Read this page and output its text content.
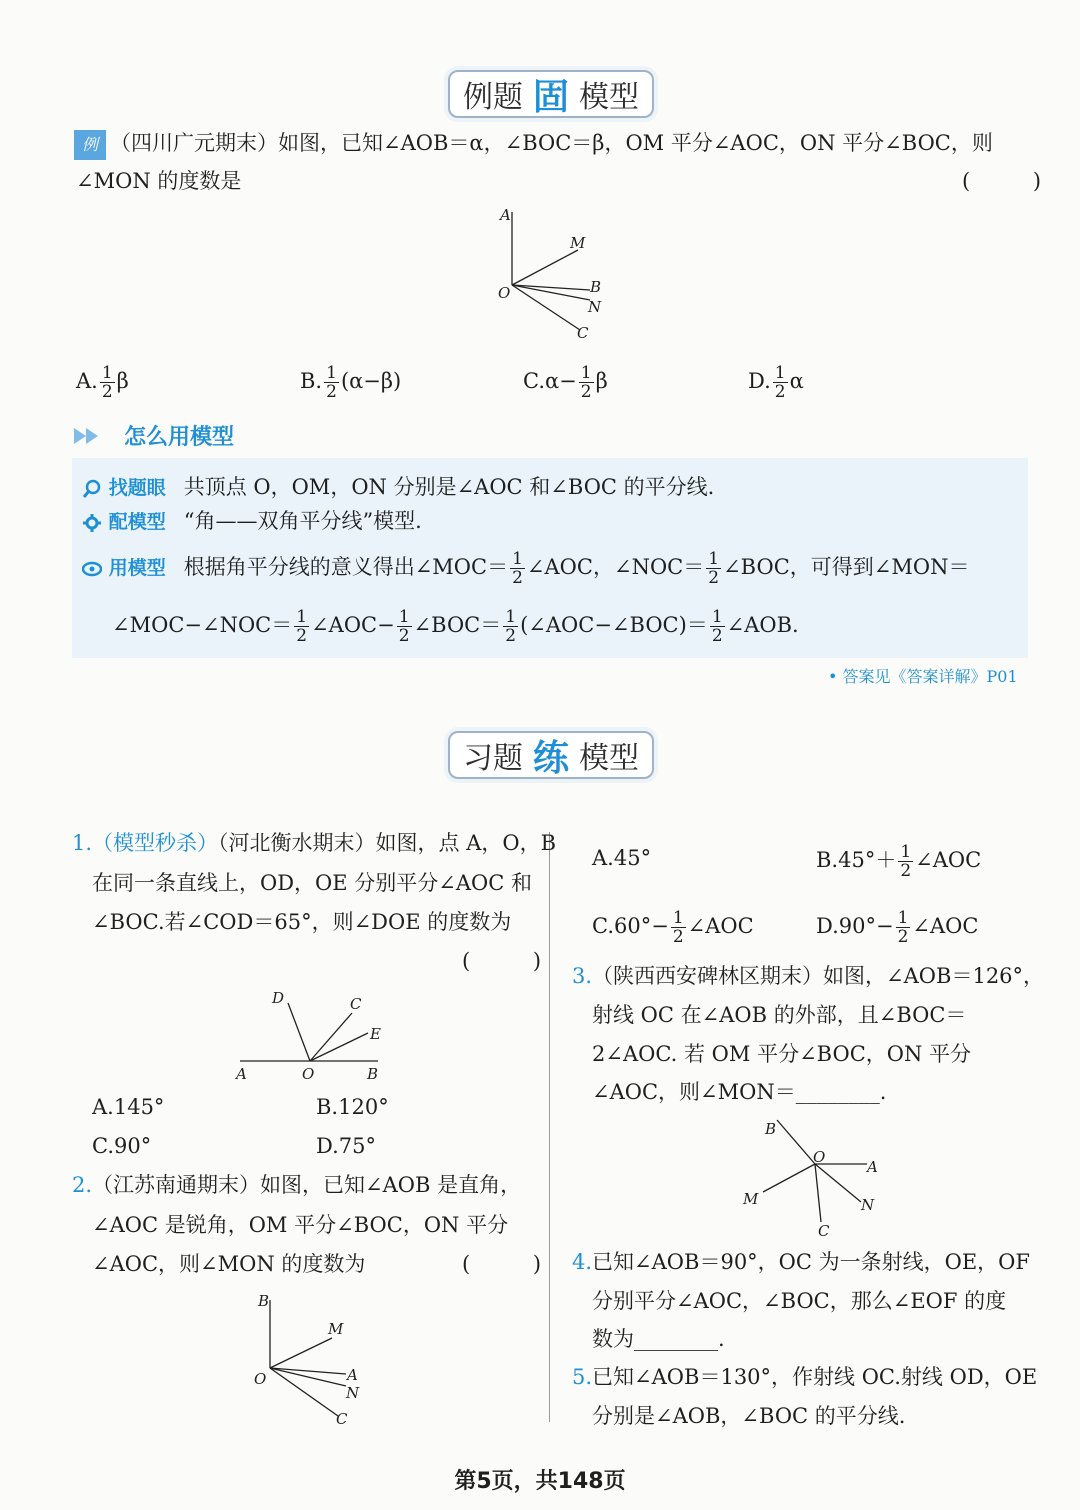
例题 固 模型
例 （四川广元期末）如图，已知∠AOB＝α，∠BOC＝β，OM 平分∠AOC，ON 平分∠BOC，则
∠MON 的度数是	( )
A
M
O	B
N
C
A. $\frac{1}{2}$ β	B. $\frac{1}{2} (\alpha-\beta)$	$C.\alpha- \frac{1}{2}$ β	D. $\frac{1}{2}$ α
怎么用模型
找题眼 共顶点 O，OM，ON 分别是∠AOC 和∠BOC 的平分线.
配模型 “角——双角平分线”模型.
用模型 根据角平分线的意义得出∠MOC＝ $\frac{1}{2}$ ∠AOC，∠NOC＝ $\frac{1}{2}$ ∠BOC，可得到∠MON＝
∠MOC−∠NOC＝ $\frac{1}{2}$ ∠AOC− $\frac{1}{2}$ ∠BOC＝ $\frac{1}{2}$ (∠AOC−∠BOC)＝ $\frac{1}{2}$ ∠AOB.
• 答案见《答案详解》P01
习题 练 模型
1.（模型秒杀）（河北衡水期末）如图，点 A，O，B
在同一条直线上，OD，OE 分别平分∠AOC 和
∠BOC.若∠COD＝65°，则∠DOE 的度数为
( )
D	C
E
A	O	B
A.145°	B.120°
C.90°	D.75°
2.（江苏南通期末）如图，已知∠AOB 是直角，
∠AOC 是锐角，OM 平分∠BOC，ON 平分
∠AOC，则∠MON 的度数为	( )
B
M
O	A
N
C
A.45°	$B.45^\circ+ \frac{1}{2}$ ∠AOC
$C.60^\circ- \frac{1}{2}$ ∠AOC	$D.90^\circ- \frac{1}{2}$ ∠AOC
3.（陕西西安碑林区期末）如图，∠AOB＝126°，
射线 OC 在∠AOB 的外部，且∠BOC＝
2∠AOC. 若 OM 平分∠BOC，ON 平分
∠AOC，则∠MON＝________.
B
O
A
M	N
C
4.已知∠AOB＝90°，OC 为一条射线，OE，OF
分别平分∠AOC，∠BOC，那么∠EOF 的度
数为________.
5.已知∠AOB＝130°，作射线 OC.射线 OD，OE
分别是∠AOB，∠BOC 的平分线.
第5页，共148页
